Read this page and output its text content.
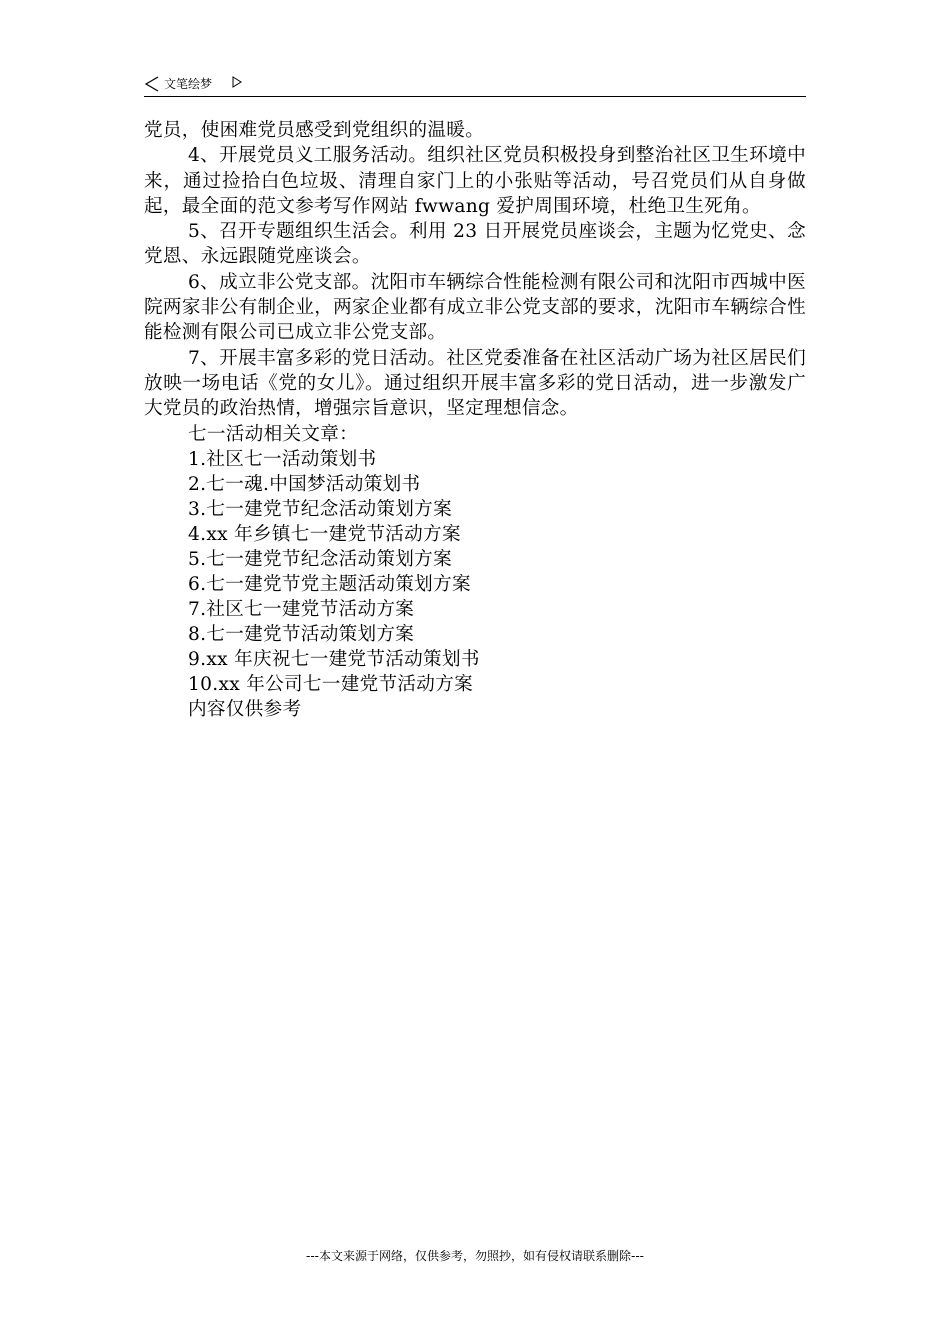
文笔绘梦

党员，使困难党员感受到党组织的温暖。

4、开展党员义工服务活动。组织社区党员积极投身到整治社区卫生环境中来，通过捡拾白色垃圾、清理自家门上的小张贴等活动，号召党员们从自身做起，最全面的范文参考写作网站 fwwang 爱护周围环境，杜绝卫生死角。

5、召开专题组织生活会。利用 23 日开展党员座谈会，主题为忆党史、念党恩、永远跟随党座谈会。

6、成立非公党支部。沈阳市车辆综合性能检测有限公司和沈阳市西城中医院两家非公有制企业，两家企业都有成立非公党支部的要求，沈阳市车辆综合性能检测有限公司已成立非公党支部。

7、开展丰富多彩的党日活动。社区党委准备在社区活动广场为社区居民们放映一场电话《党的女儿》。通过组织开展丰富多彩的党日活动，进一步激发广大党员的政治热情，增强宗旨意识，坚定理想信念。

七一活动相关文章：

1.社区七一活动策划书
2.七一魂.中国梦活动策划书
3.七一建党节纪念活动策划方案
4.xx 年乡镇七一建党节活动方案
5.七一建党节纪念活动策划方案
6.七一建党节党主题活动策划方案
7.社区七一建党节活动方案
8.七一建党节活动策划方案
9.xx 年庆祝七一建党节活动策划书
10.xx 年公司七一建党节活动方案

内容仅供参考

---本文来源于网络，仅供参考，勿照抄，如有侵权请联系删除---
